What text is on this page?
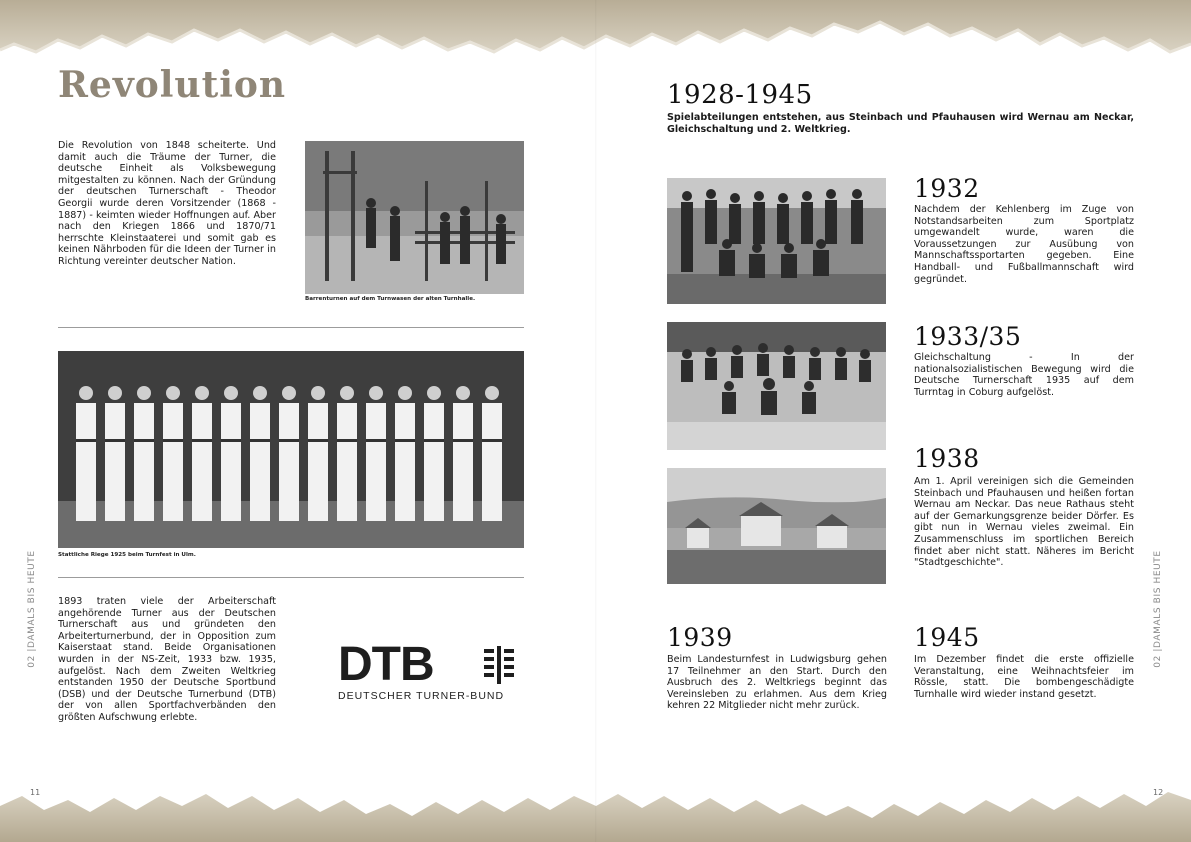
Revolution
Die Revolution von 1848 scheiterte. Und damit auch die Träume der Turner, die deutsche Einheit als Volksbewegung mitgestalten zu können. Nach der Gründung der deutschen Turnerschaft - Theodor Georgii wurde deren Vorsitzender (1868 - 1887) - keimten wieder Hoffnungen auf. Aber nach den Kriegen 1866 und 1870/71 herrschte Kleinstaaterei und somit gab es keinen Nährboden für die Ideen der Turner in Richtung vereinter deutscher Nation.
Barrenturnen auf dem Turnwasen der alten Turnhalle.
Stattliche Riege 1925 beim Turnfest in Ulm.
1893 traten viele der Arbeiterschaft angehörende Turner aus der Deutschen Turnerschaft aus und gründeten den Arbeiterturnerbund, der in Opposition zum Kaiserstaat stand. Beide Organisationen wurden in der NS-Zeit, 1933 bzw. 1935, aufgelöst. Nach dem Zweiten Weltkrieg entstanden 1950 der Deutsche Sportbund (DSB) und der Deutsche Turnerbund (DTB) der von allen Sportfachverbänden den größten Aufschwung erlebte.
DTB
DEUTSCHER TURNER-BUND
02 |DAMALS BIS HEUTE
11
1928-1945
Spielabteilungen entstehen, aus Steinbach und Pfauhausen wird Wernau am Neckar, Gleichschaltung und 2. Weltkrieg.
1932
Nachdem der Kehlenberg im Zuge von Notstandsarbeiten zum Sportplatz umgewandelt wurde, waren die Voraussetzungen zur Ausübung von Mannschaftssportarten gegeben. Eine Handball- und Fußballmannschaft wird gegründet.
1933/35
Gleichschaltung - In der nationalsozialistischen Bewegung wird die Deutsche Turnerschaft 1935 auf dem Turrntag in Coburg aufgelöst.
1938
Am 1. April vereinigen sich die Gemeinden Steinbach und Pfauhausen und heißen fortan Wernau am Neckar. Das neue Rathaus steht auf der Gemarkungsgrenze beider Dörfer. Es gibt nun in Wernau vieles zweimal. Ein Zusammenschluss im sportlichen Bereich findet aber nicht statt. Näheres im Bericht "Stadtgeschichte".
1939
Beim Landesturnfest in Ludwigsburg gehen 17 Teilnehmer an den Start. Durch den Ausbruch des 2. Weltkriegs beginnt das Vereinsleben zu erlahmen. Aus dem Krieg kehren 22 Mitglieder nicht mehr zurück.
1945
Im Dezember findet die erste offizielle Veranstaltung, eine Weihnachtsfeier im Rössle, statt. Die bombengeschädigte Turnhalle wird wieder instand gesetzt.
02 |DAMALS BIS HEUTE
12
